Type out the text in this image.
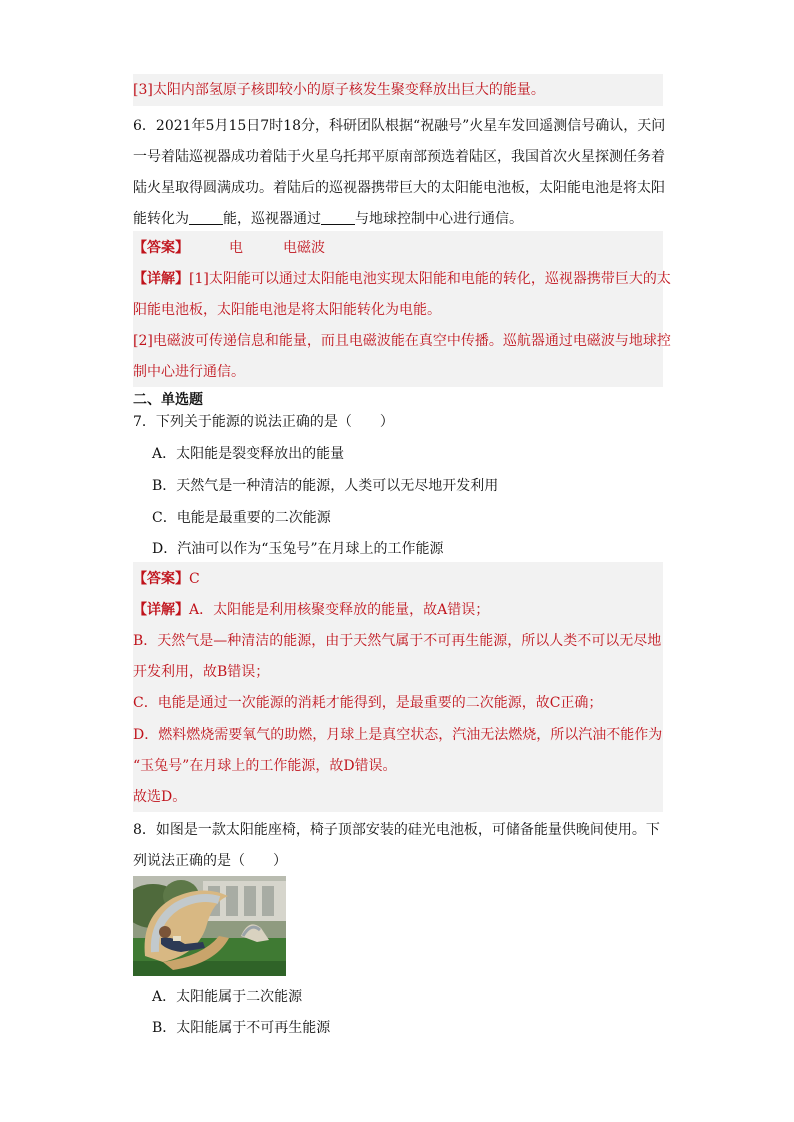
[3]太阳内部氢原子核即较小的原子核发生聚变释放出巨大的能量。
6．2021年5月15日7时18分，科研团队根据“祝融号”火星车发回遥测信号确认，天问
一号着陆巡视器成功着陆于火星乌托邦平原南部预选着陆区，我国首次火星探测任务着
陆火星取得圆满成功。着陆后的巡视器携带巨大的太阳能电池板，太阳能电池是将太阳
能转化为 能，巡视器通过 与地球控制中心进行通信。
【答案】	电	电磁波
【详解】[1]太阳能可以通过太阳能电池实现太阳能和电能的转化，巡视器携带巨大的太
阳能电池板，太阳能电池是将太阳能转化为电能。
[2]电磁波可传递信息和能量，而且电磁波能在真空中传播。巡航器通过电磁波与地球控
制中心进行通信。
二、单选题
7．下列关于能源的说法正确的是（　　）
A．太阳能是裂变释放出的能量
B．天然气是一种清洁的能源，人类可以无尽地开发利用
C．电能是最重要的二次能源
D．汽油可以作为“玉兔号”在月球上的工作能源
【答案】C
【详解】A．太阳能是利用核聚变释放的能量，故A错误；
B．天然气是—种清洁的能源，由于天然气属于不可再生能源，所以人类不可以无尽地
开发利用，故B错误；
C．电能是通过一次能源的消耗才能得到，是最重要的二次能源，故C正确；
D．燃料燃烧需要氧气的助燃，月球上是真空状态，汽油无法燃烧，所以汽油不能作为
“玉兔号”在月球上的工作能源，故D错误。
故选D。
8．如图是一款太阳能座椅，椅子顶部安装的硅光电池板，可储备能量供晚间使用。下
列说法正确的是（　　）
A．太阳能属于二次能源
B．太阳能属于不可再生能源
